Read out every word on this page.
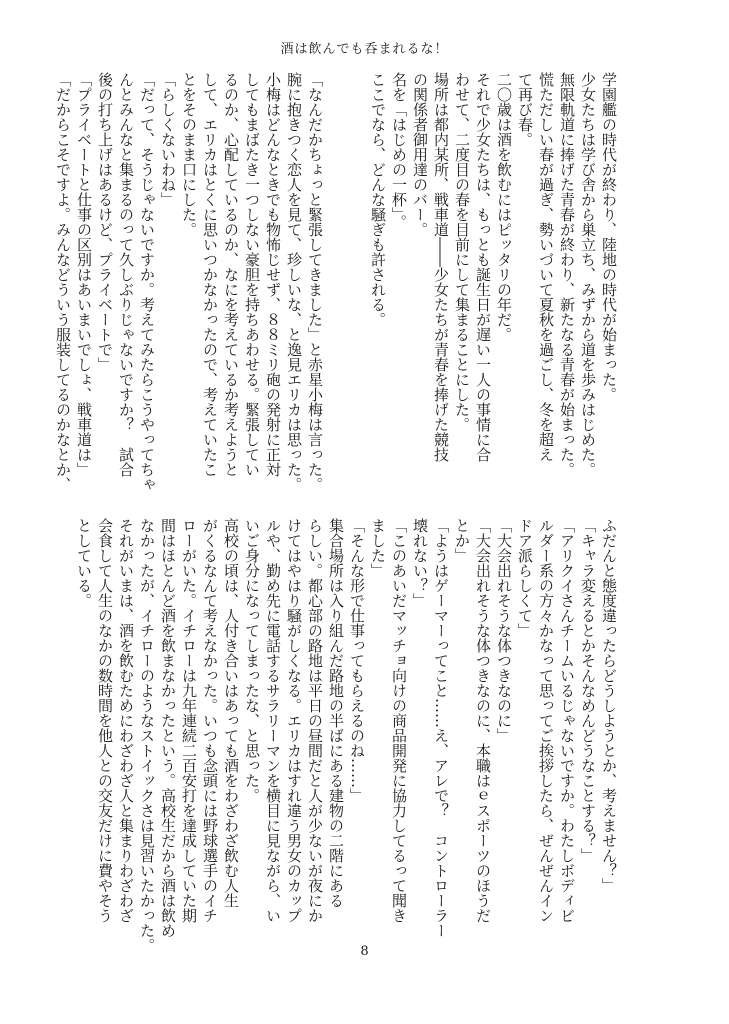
酒は飲んでも呑まれるな！
学園艦の時代が終わり、陸地の時代が始まった。
少女たちは学び舎から巣立ち、みずから道を歩みはじめた。
無限軌道に捧げた青春が終わり、新たなる青春が始まった。
慌ただしい春が過ぎ、勢いづいて夏秋を過ごし、冬を超え
て再び春。
二〇歳は酒を飲むにはピッタリの年だ。
それで少女たちは、もっとも誕生日が遅い一人の事情に合
わせて、二度目の春を目前にして集まることにした。
場所は都内某所、戦車道――少女たちが青春を捧げた競技
の関係者御用達のバー。
名を「はじめの一杯」。
ここでなら、どんな騒ぎも許される。

「なんだかちょっと緊張してきました」と赤星小梅は言った。
腕に抱きつく恋人を見て、珍しいな、と逸見エリカは思った。
小梅はどんなときでも物怖じせず、８８ミリ砲の発射に正対
してもまばたき一つしない豪胆を持ちあわせる。緊張してい
るのか、心配しているのか、なにを考えているか考えようと
して、エリカはとくに思いつかなかったので、考えていたこ
とをそのまま口にした。
「らしくないわね」
「だって、そうじゃないですか。考えてみたらこうやってちゃ
んとみんなと集まるのって久しぶりじゃないですか？　試合
後の打ち上げはあるけど、プライベートで」
「プライベートと仕事の区別はあいまいでしょ、戦車道は」
「だからこそですよ。みんなどういう服装してるのかなとか、
ふだんと態度違ったらどうしようとか、考えません？」
「キャラ変えるとかそんなめんどうなことする？」
「アリクイさんチームいるじゃないですか。わたしボディビ
ルダー系の方々かなって思ってご挨拶したら、ぜんぜんイン
ドア派らしくて」
「大会出れそうな体つきなのに」
「大会出れそうな体つきなのに、本職はｅスポーツのほうだ
とか」
「ようはゲーマーってこと……え、アレで？　コントローラー
壊れない？」
「このあいだマッチョ向けの商品開発に協力してるって聞き
ました」
「そんな形で仕事ってもらえるのね……」
集合場所は入り組んだ路地の半ばにある建物の二階にある
らしい。都心部の路地は平日の昼間だと人が少ないが夜にか
けてはやはり騒がしくなる。エリカはすれ違う男女のカップ
ルや、勤め先に電話するサラリーマンを横目に見ながら、い
いご身分になってしまったな、と思った。
高校の頃は、人付き合いはあっても酒をわざわざ飲む人生
がくるなんて考えなかった。いつも念頭には野球選手のイチ
ローがいた。イチローは九年連続二百安打を達成していた期
間はほとんど酒を飲まなかったという。高校生だから酒は飲め
なかったが、イチローのようなストイックさは見習いたかった。
それがいまは、酒を飲むためにわざわざ人と集まりわざわざ
会食して人生のなかの数時間を他人との交友だけに費やそう
としている。
8
